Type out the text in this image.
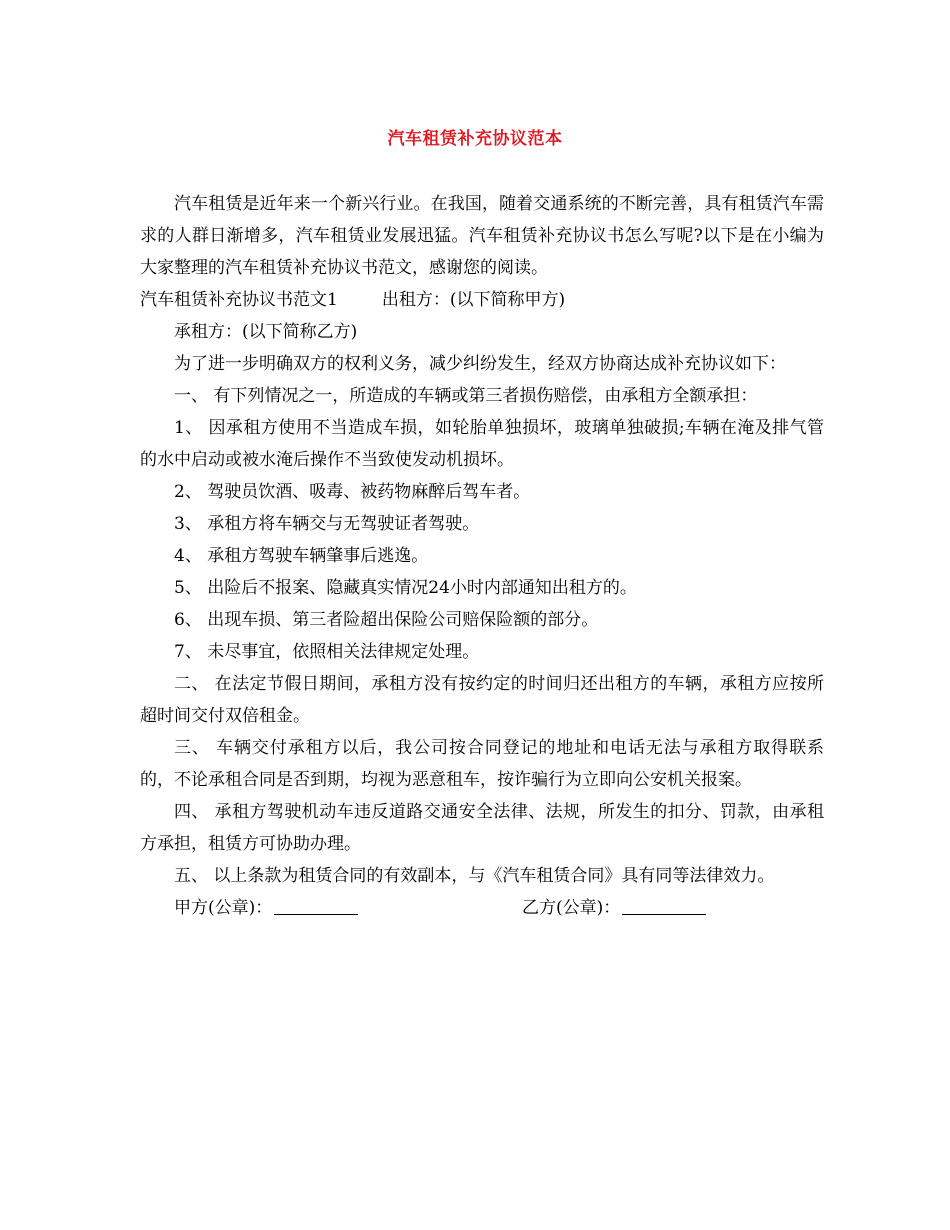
汽车租赁补充协议范本

汽车租赁是近年来一个新兴行业。在我国，随着交通系统的不断完善，具有租赁汽车需求的人群日渐增多，汽车租赁业发展迅猛。汽车租赁补充协议书怎么写呢?以下是在小编为大家整理的汽车租赁补充协议书范文，感谢您的阅读。

汽车租赁补充协议书范文1	出租方：(以下简称甲方)

承租方：(以下简称乙方)

为了进一步明确双方的权利义务，减少纠纷发生，经双方协商达成补充协议如下：

一、 有下列情况之一，所造成的车辆或第三者损伤赔偿，由承租方全额承担：

1、 因承租方使用不当造成车损，如轮胎单独损坏，玻璃单独破损;车辆在淹及排气管的水中启动或被水淹后操作不当致使发动机损坏。

2、 驾驶员饮酒、吸毒、被药物麻醉后驾车者。

3、 承租方将车辆交与无驾驶证者驾驶。

4、 承租方驾驶车辆肇事后逃逸。

5、 出险后不报案、隐藏真实情况24小时内部通知出租方的。

6、 出现车损、第三者险超出保险公司赔保险额的部分。

7、 未尽事宜，依照相关法律规定处理。

二、 在法定节假日期间，承租方没有按约定的时间归还出租方的车辆，承租方应按所超时间交付双倍租金。

三、 车辆交付承租方以后，我公司按合同登记的地址和电话无法与承租方取得联系的，不论承租合同是否到期，均视为恶意租车，按诈骗行为立即向公安机关报案。

四、 承租方驾驶机动车违反道路交通安全法律、法规，所发生的扣分、罚款，由承租方承担，租赁方可协助办理。

五、 以上条款为租赁合同的有效副本，与《汽车租赁合同》具有同等法律效力。

甲方(公章)：	乙方(公章)：
